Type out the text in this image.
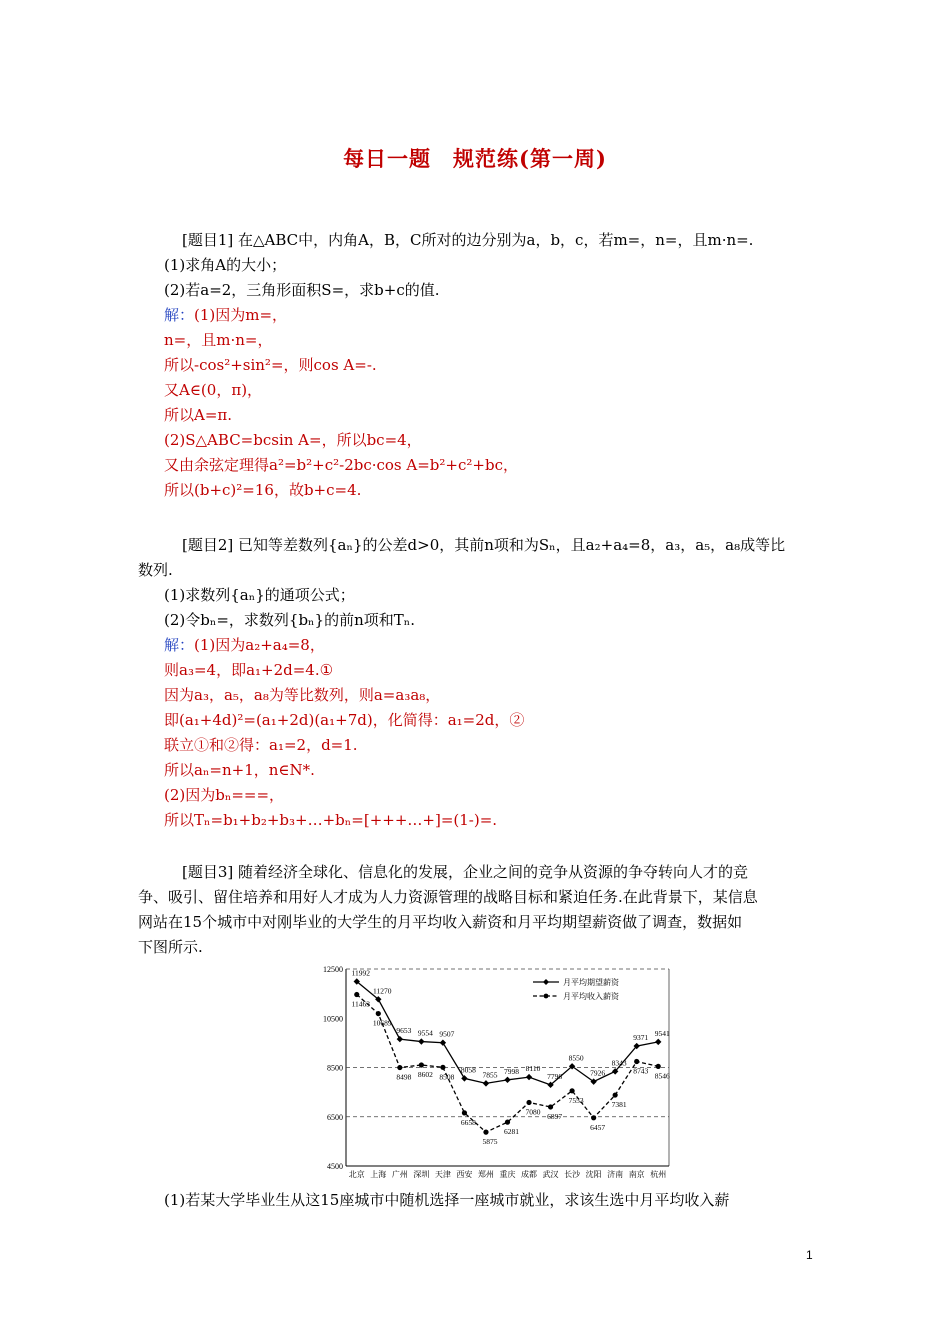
每日一题　规范练(第一周)
[题目1] 在△ABC中，内角A，B，C所对的边分别为a，b，c，若m=，n=，且m·n=.
(1)求角A的大小；
(2)若a=2，三角形面积S=，求b+c的值.
解：(1)因为m=，
n=，且m·n=，
所以-cos²+sin²=，则cos A=-.
又A∈(0，π)，
所以A=π.
(2)S△ABC=bcsin A=，所以bc=4，
又由余弦定理得a²=b²+c²-2bc·cos A=b²+c²+bc，
所以(b+c)²=16，故b+c=4.
[题目2] 已知等差数列{aₙ}的公差d>0，其前n项和为Sₙ，且a₂+a₄=8，a₃，a₅，a₈成等比
数列.
(1)求数列{aₙ}的通项公式；
(2)令bₙ=，求数列{bₙ}的前n项和Tₙ.
解：(1)因为a₂+a₄=8，
则a₃=4，即a₁+2d=4.①
因为a₃，a₅，a₈为等比数列，则a=a₃a₈，
即(a₁+4d)²=(a₁+2d)(a₁+7d)，化简得：a₁=2d，②
联立①和②得：a₁=2，d=1.
所以aₙ=n+1，n∈N*.
(2)因为bₙ===，
所以Tₙ=b₁+b₂+b₃+…+bₙ=[+++…+]=(1-)=.
[题目3] 随着经济全球化、信息化的发展，企业之间的竞争从资源的争夺转向人才的竞
争、吸引、留住培养和用好人才成为人力资源管理的战略目标和紧迫任务.在此背景下，某信息
网站在15个城市中对刚毕业的大学生的月平均收入薪资和月平均期望薪资做了调查，数据如
下图所示.
12500
10500
8500
6500
4500
北京 上海 广州 深圳 天津 西安 郑州 重庆 成都 武汉 长沙 沈阳 济南 南京 杭州
11992
11270
9653 9554 9507
8058
7855 7998 8110
7796
8550
7926
8343
9371 9541
11463
10689
8498 8602 8508
6658
5875
6281
7080
6897
7553
6457
7381
8743
8546
月平均期望薪资
月平均收入薪资
(1)若某大学毕业生从这15座城市中随机选择一座城市就业，求该生选中月平均收入薪
1
